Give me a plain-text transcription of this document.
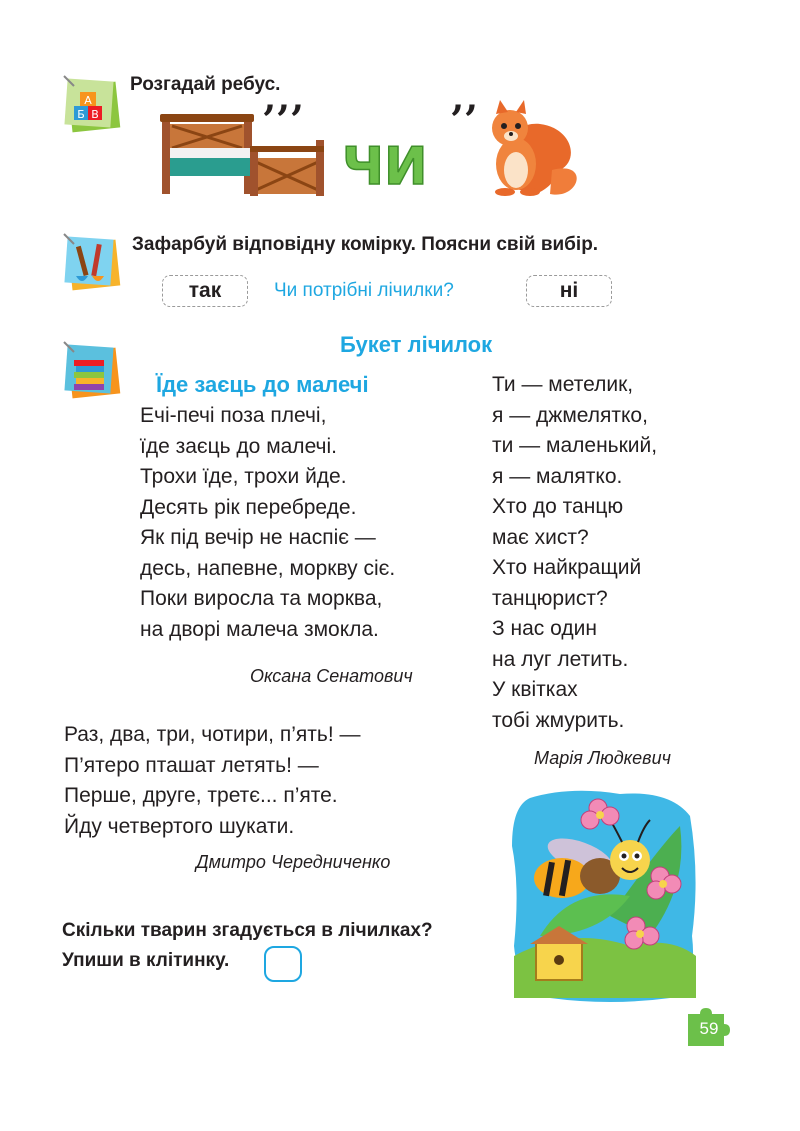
А
Б В
Розгадай ребус.
’’’
ЧИ
’’
Зафарбуй відповідну комірку. Поясни свій вибір.
так	Чи потрібні лічилки?	ні
Букет лічилок
Їде заєць до малечі
Ечі-печі поза плечі,
їде заєць до малечі.
Трохи їде, трохи йде.
Десять рік перебреде.
Як під вечір не наспіє —
десь, напевне, моркву сіє.
Поки виросла та морква,
на дворі малеча змокла.
Оксана Сенатович
Ти — метелик,
я — джмелятко,
ти — маленький,
я — малятко.
Хто до танцю
має хист?
Хто найкращий
танцюрист?
З нас один
на луг летить.
У квітках
тобі жмурить.
Марія Людкевич
Раз, два, три, чотири, п’ять! —
П’ятеро пташат летять! —
Перше, друге, третє... п’яте.
Йду четвертого шукати.
Дмитро Чередниченко
Скільки тварин згадується в лічилках?
Упиши в клітинку.
59
